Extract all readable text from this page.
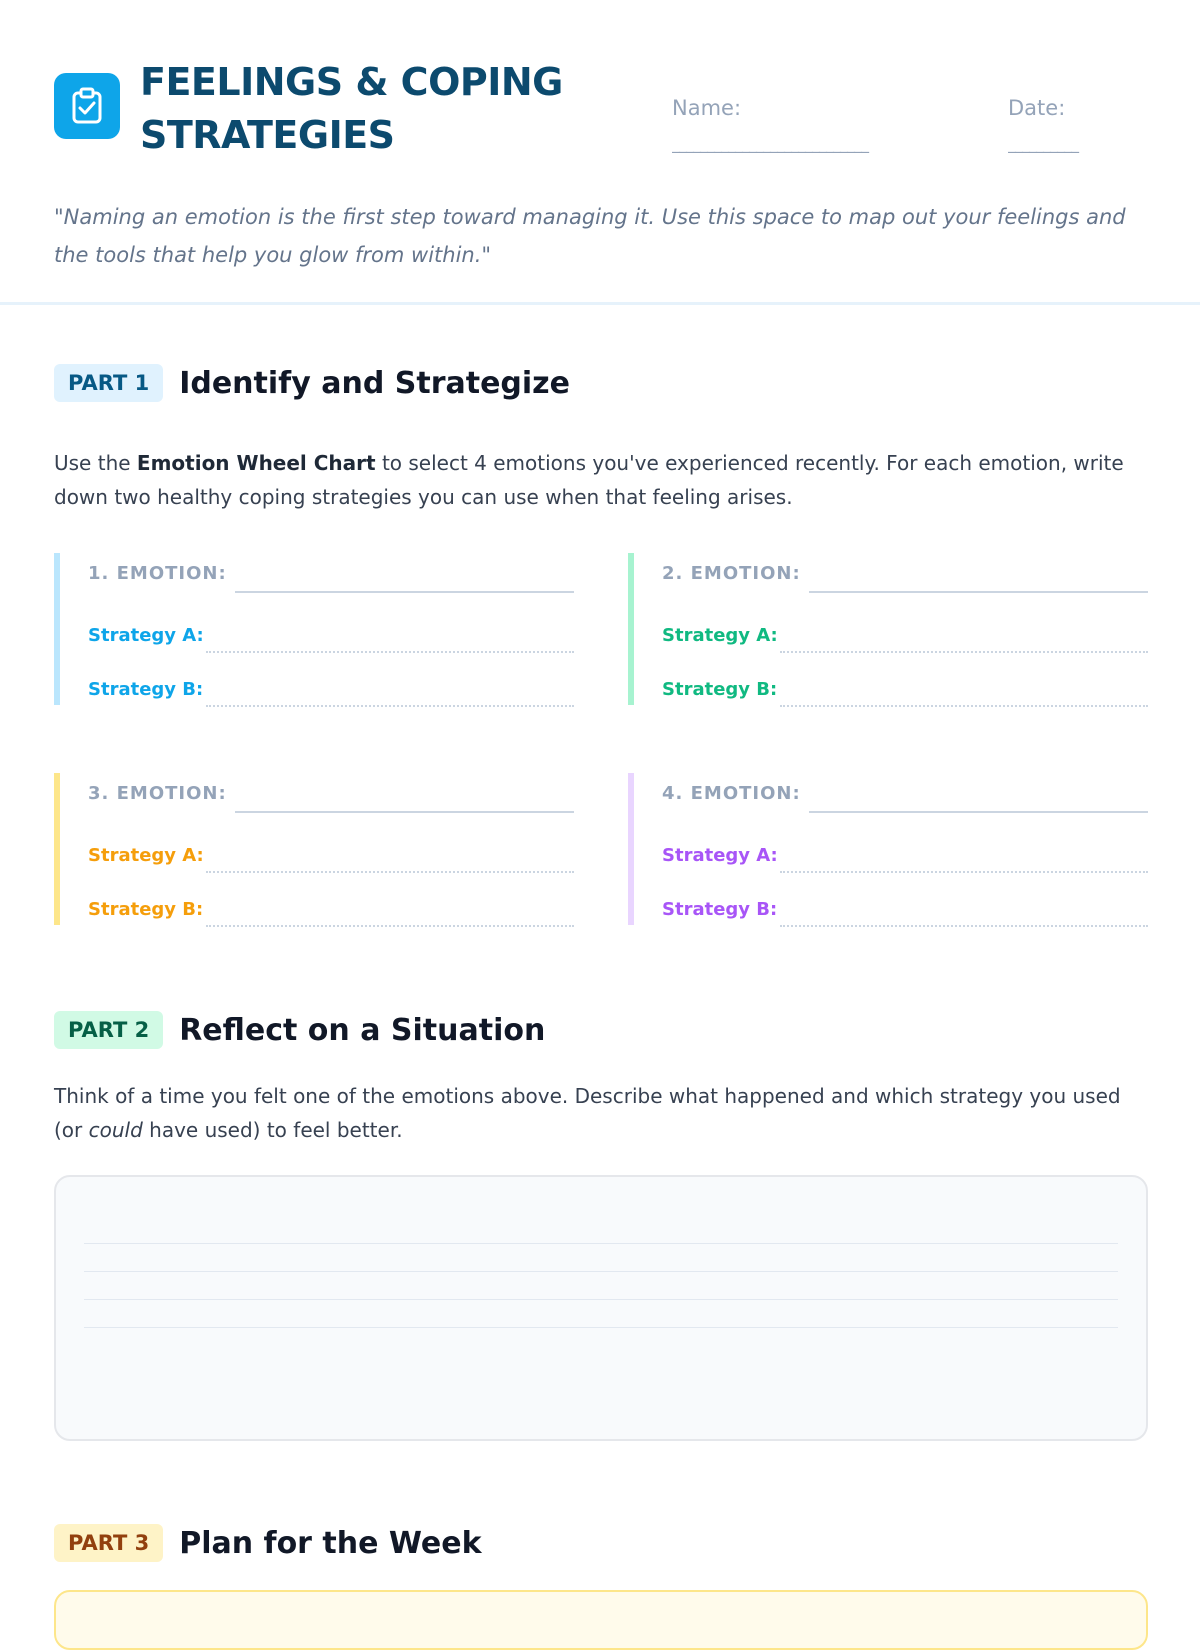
FEELINGS & COPING STRATEGIES
Name:
____________________________
Date:
__________

"Naming an emotion is the first step toward managing it. Use this space to map out your feelings and the tools that help you glow from within."

PART 1	Identify and Strategize

Use the Emotion Wheel Chart to select 4 emotions you've experienced recently. For each emotion, write down two healthy coping strategies you can use when that feeling arises.

1. EMOTION:
Strategy A:
Strategy B:
2. EMOTION:
Strategy A:
Strategy B:
3. EMOTION:
Strategy A:
Strategy B:
4. EMOTION:
Strategy A:
Strategy B:
PART 2	Reflect on a Situation

Think of a time you felt one of the emotions above. Describe what happened and which strategy you used (or could have used) to feel better.

PART 3	Plan for the Week
